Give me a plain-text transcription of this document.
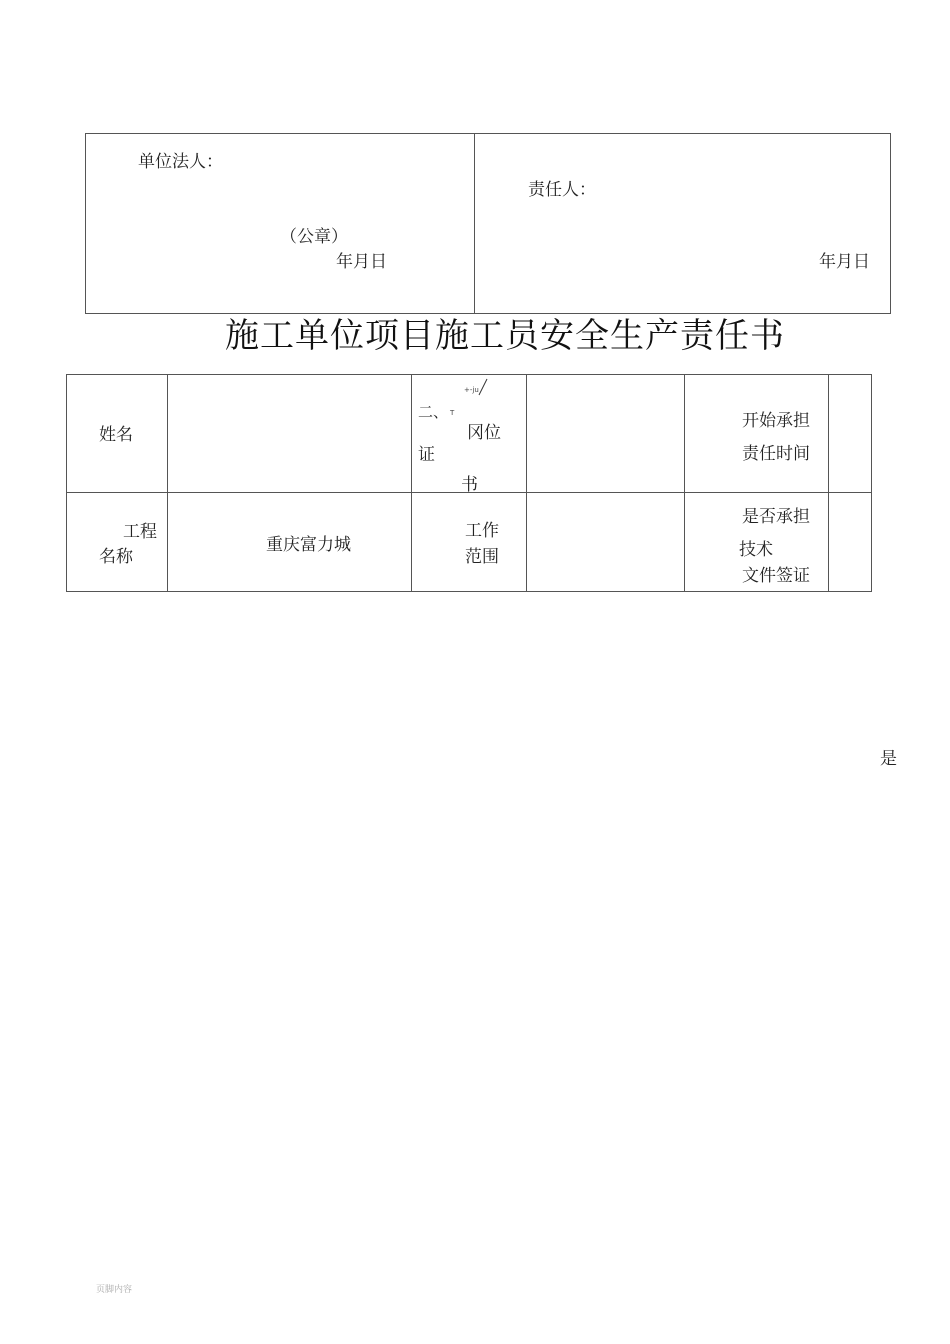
单位法人：
（公章）
年月日
责任人：
年月日
施工单位项目施工员安全生产责任书
姓名
+-ju
二、 T
冈位
证
书
开始承担
责任时间
工程
名称
重庆富力城
工作
范围
是否承担
技术
文件签证
是
页脚内容
